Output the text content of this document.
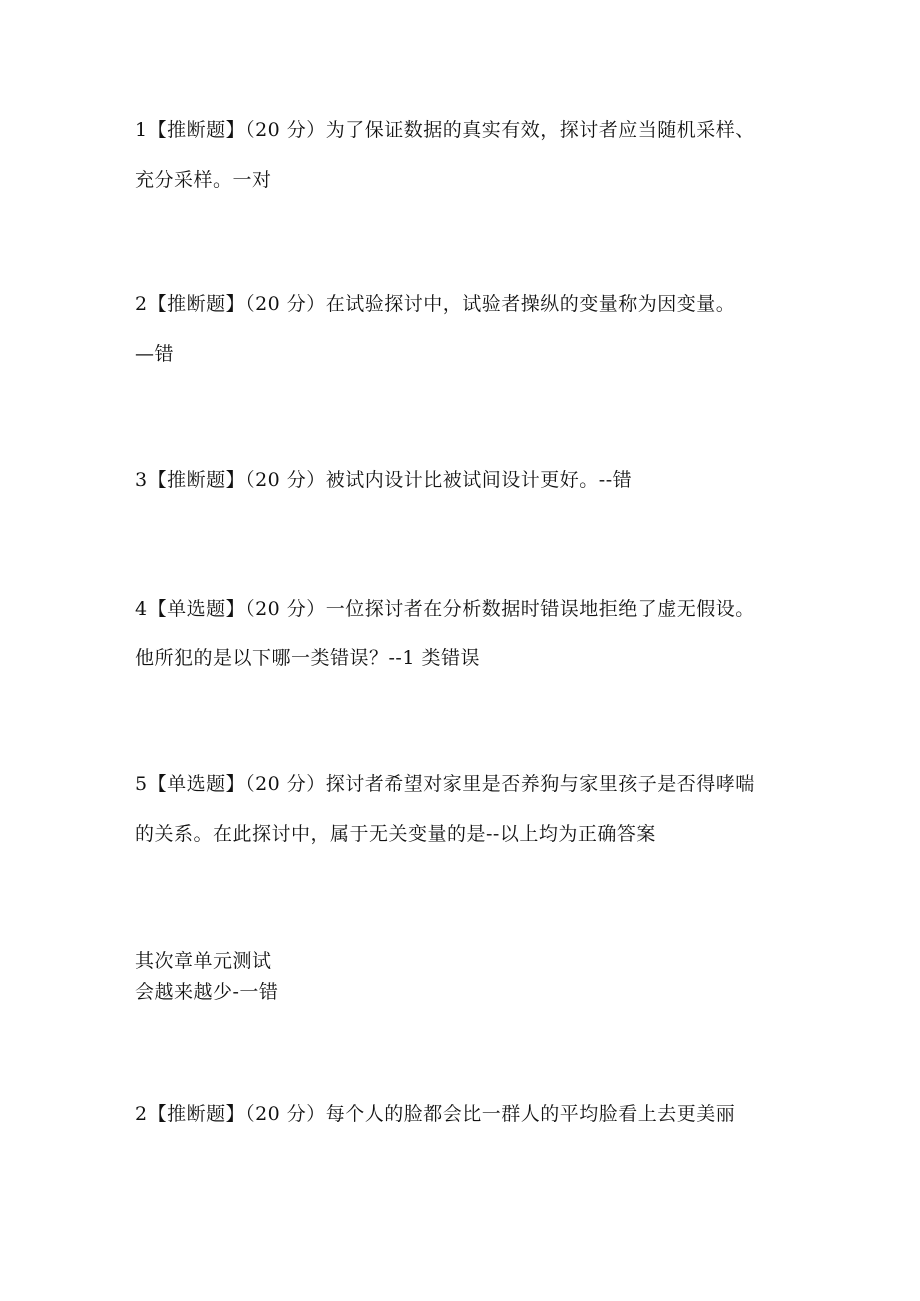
1【推断题】（20 分）为了保证数据的真实有效，探讨者应当随机采样、
充分采样。一对
2【推断题】（20 分）在试验探讨中，试验者操纵的变量称为因变量。
—错
3【推断题】（20 分）被试内设计比被试间设计更好。--错
4【单选题】（20 分）一位探讨者在分析数据时错误地拒绝了虚无假设。
他所犯的是以下哪一类错误？--1 类错误
5【单选题】（20 分）探讨者希望对家里是否养狗与家里孩子是否得哮喘
的关系。在此探讨中，属于无关变量的是--以上均为正确答案
其次章单元测试
会越来越少-一错
2【推断题】（20 分）每个人的脸都会比一群人的平均脸看上去更美丽
